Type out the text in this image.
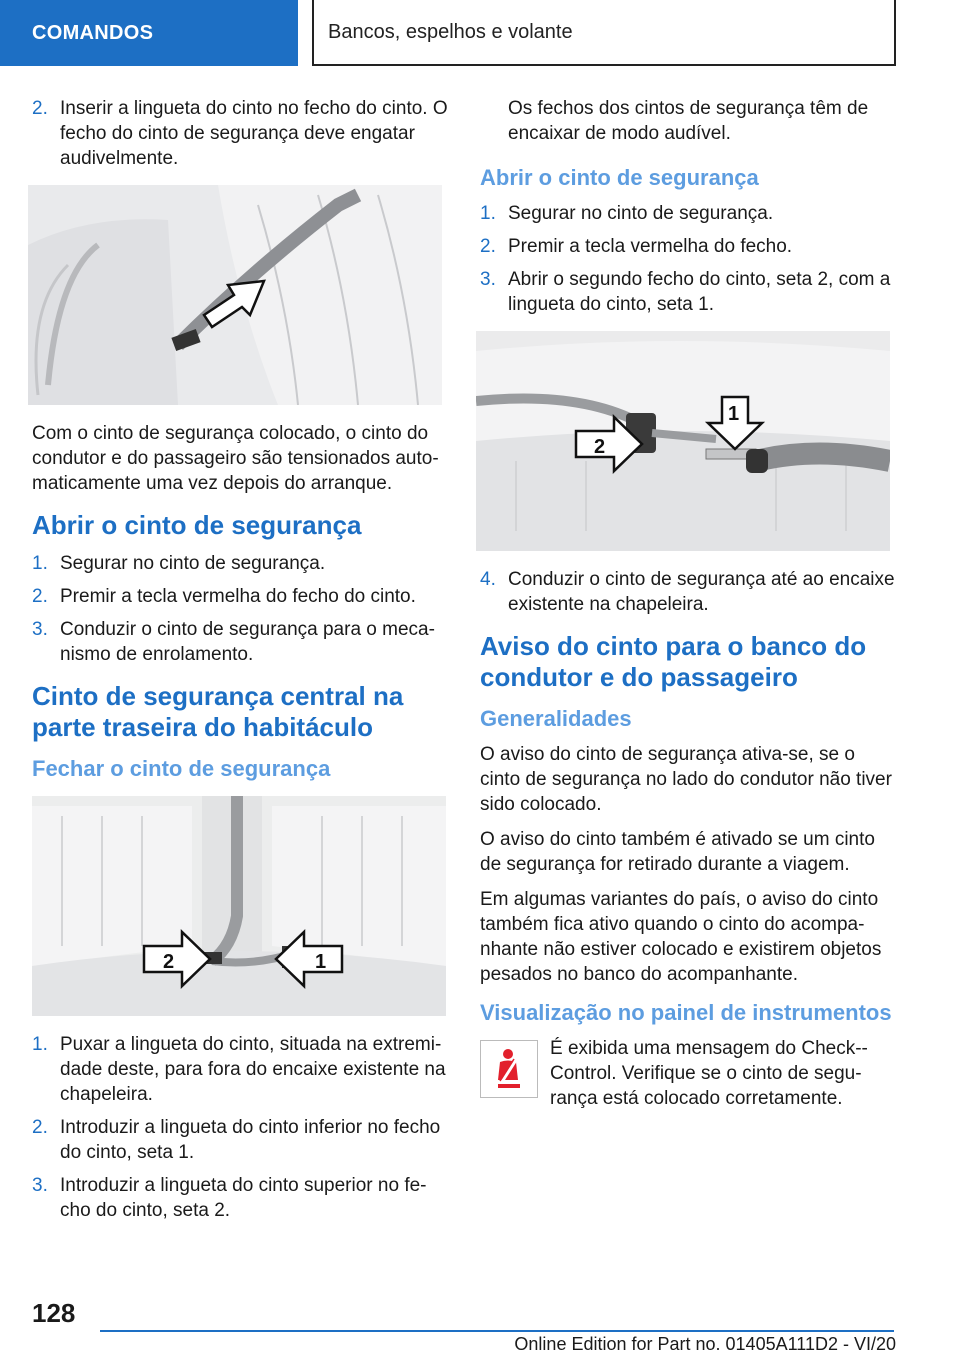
COMANDOS	Bancos, espelhos e volante
2. Inserir a lingueta do cinto no fecho do cinto. O fecho do cinto de segurança deve engatar audivelmente.

Com o cinto de segurança colocado, o cinto do condutor e do passageiro são tensionados auto‐maticamente uma vez depois do arranque.

Abrir o cinto de segurança
1. Segurar no cinto de segurança.
2. Premir a tecla vermelha do fecho do cinto.
3. Conduzir o cinto de segurança para o meca‐nismo de enrolamento.
Cinto de segurança central na parte traseira do habitáculo
Fechar o cinto de segurança
2	1
1. Puxar a lingueta do cinto, situada na extremi‐dade deste, para fora do encaixe existente na chapeleira.
2. Introduzir a lingueta do cinto inferior no fecho do cinto, seta 1.
3. Introduzir a lingueta do cinto superior no fe‐cho do cinto, seta 2.

Os fechos dos cintos de segurança têm de encaixar de modo audível.

Abrir o cinto de segurança
1. Segurar no cinto de segurança.
2. Premir a tecla vermelha do fecho.
3. Abrir o segundo fecho do cinto, seta 2, com a lingueta do cinto, seta 1.
2
1
4. Conduzir o cinto de segurança até ao encaixe existente na chapeleira.
Aviso do cinto para o banco do condutor e do passageiro
Generalidades

O aviso do cinto de segurança ativa-se, se o cinto de segurança no lado do condutor não tiver sido colocado.

O aviso do cinto também é ativado se um cinto de segurança for retirado durante a viagem.

Em algumas variantes do país, o aviso do cinto também fica ativo quando o cinto do acompa‐nhante não estiver colocado e existirem objetos pesados no banco do acompanhante.

Visualização no painel de instrumentos

É exibida uma mensagem do Check-‐Control. Verifique se o cinto de segu‐rança está colocado corretamente.

128
Online Edition for Part no. 01405A111D2 - VI/20
